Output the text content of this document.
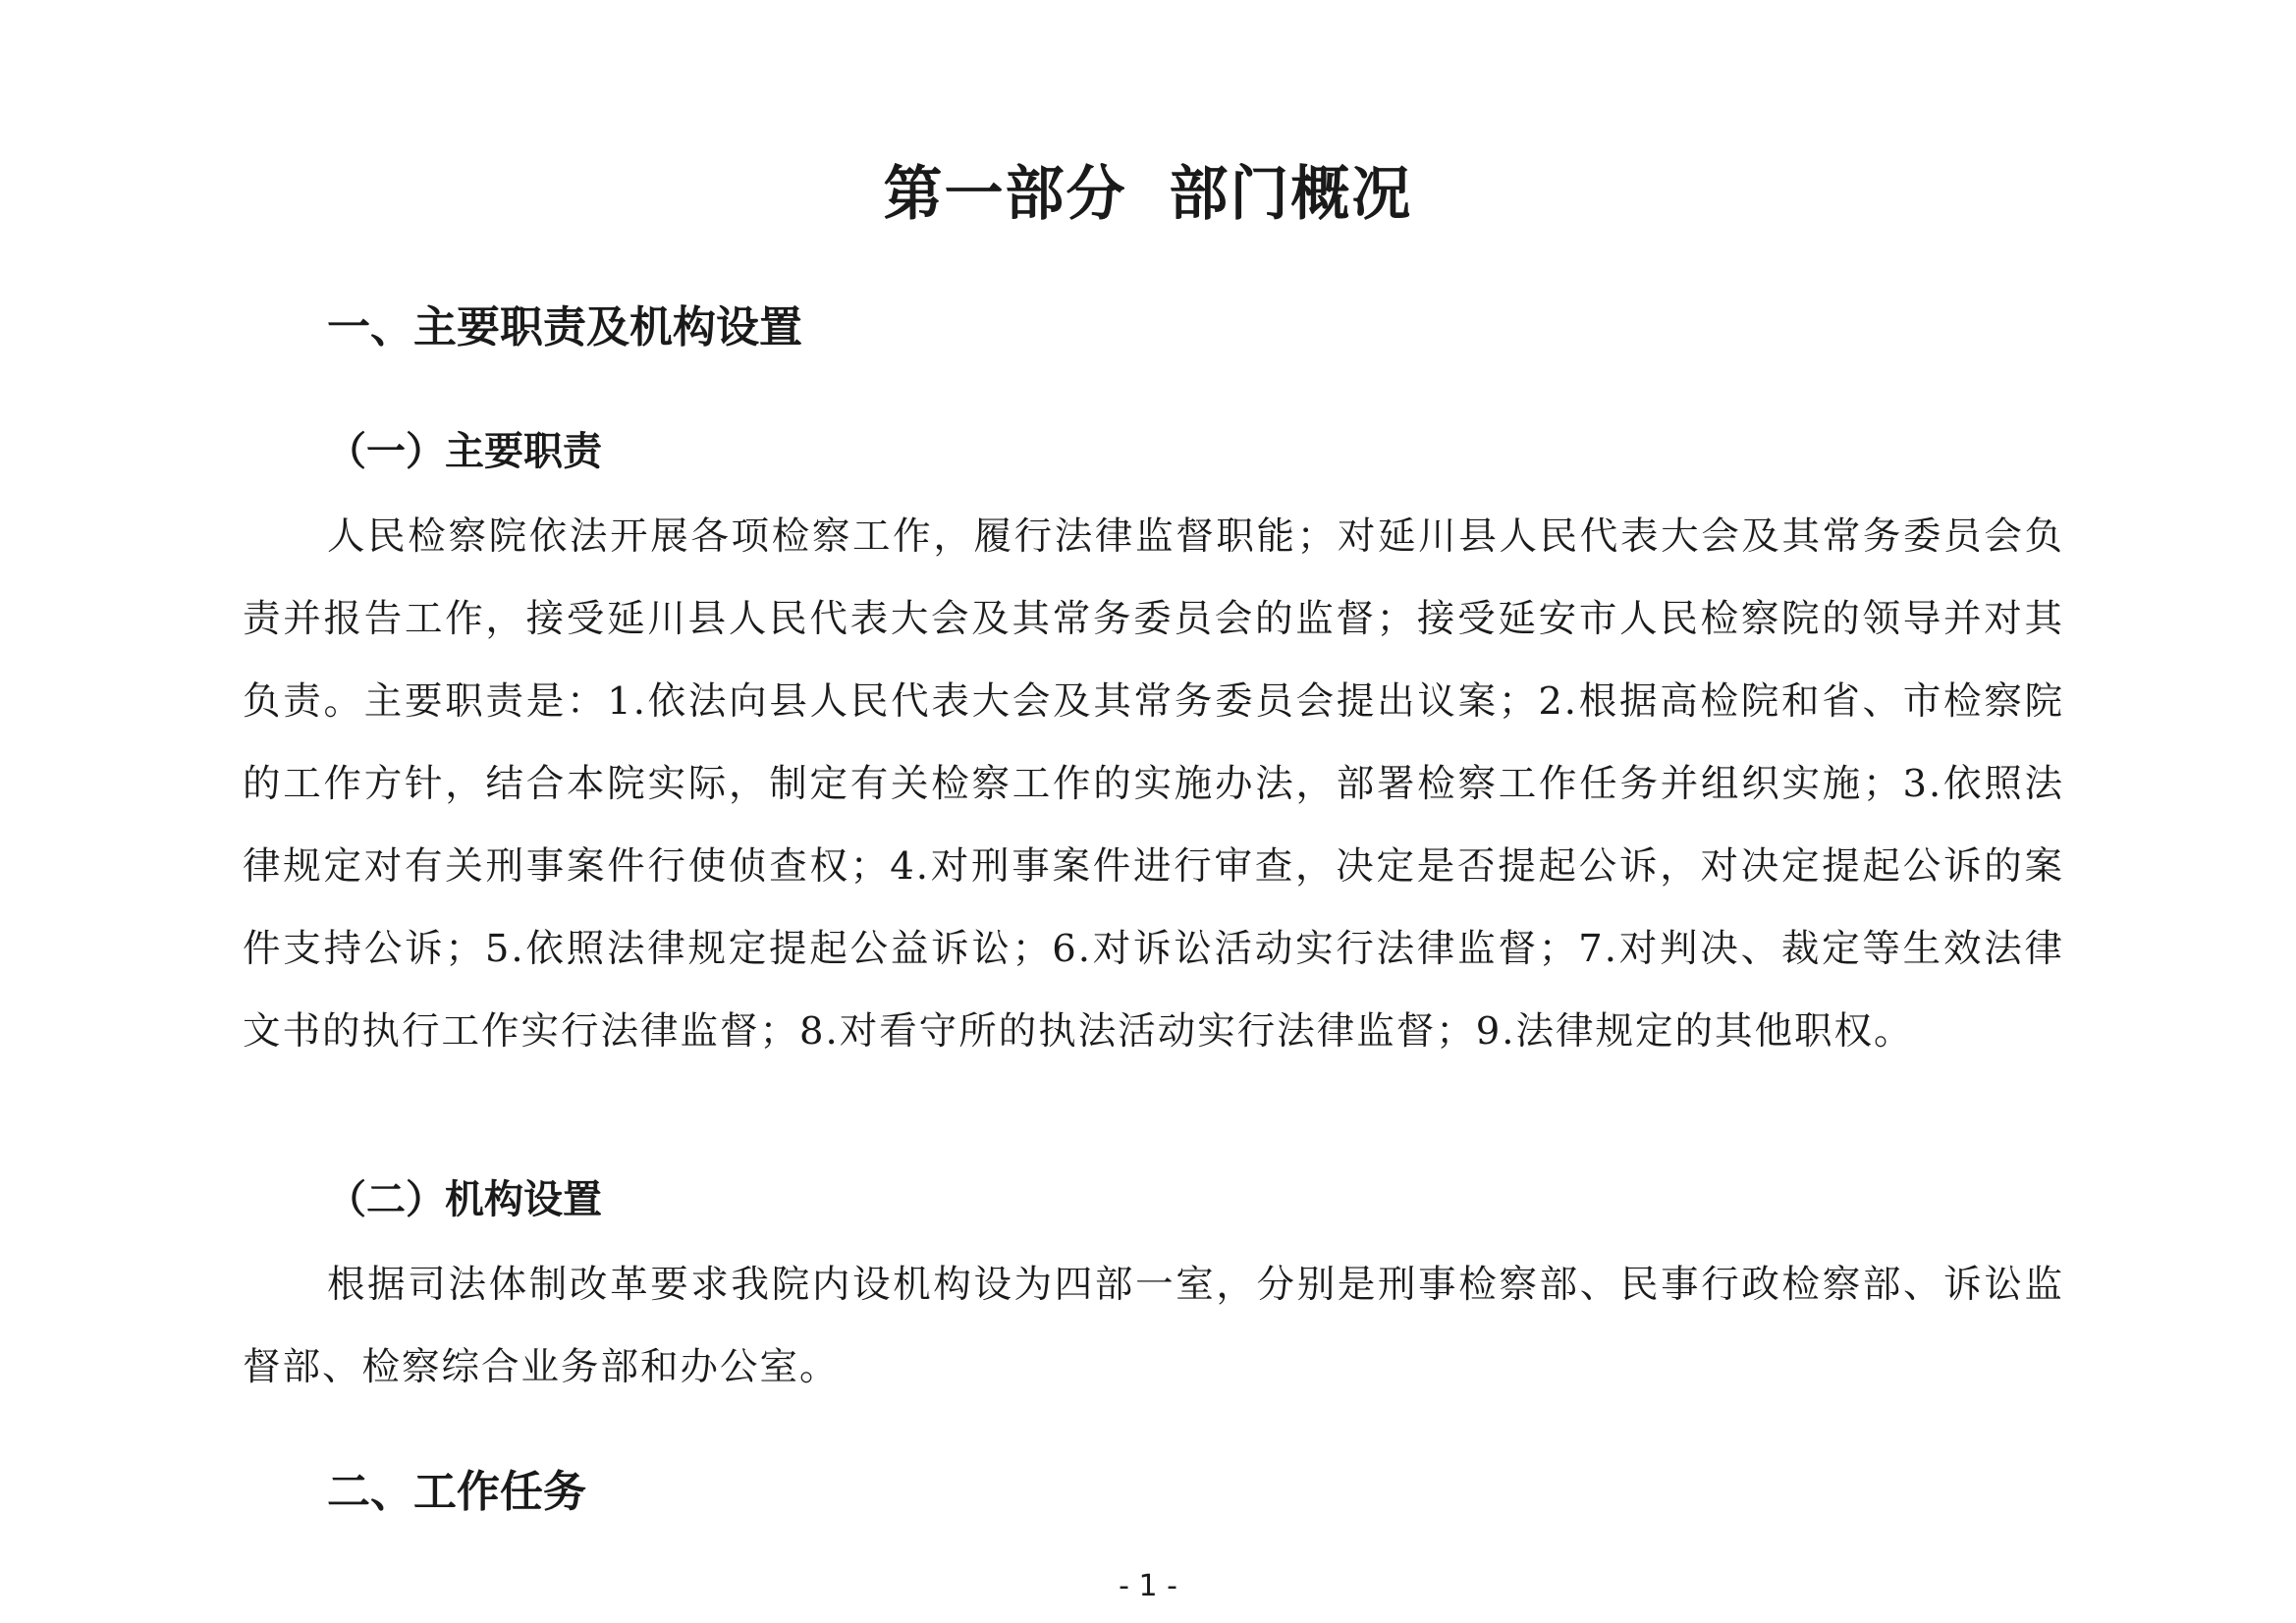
第一部分 部门概况
一、主要职责及机构设置
（一）主要职责
人民检察院依法开展各项检察工作，履行法律监督职能；对延川县人民代表大会及其常务委员会负责并报告工作，接受延川县人民代表大会及其常务委员会的监督；接受延安市人民检察院的领导并对其负责。主要职责是：1.依法向县人民代表大会及其常务委员会提出议案；2.根据高检院和省、市检察院的工作方针，结合本院实际，制定有关检察工作的实施办法，部署检察工作任务并组织实施；3.依照法律规定对有关刑事案件行使侦查权；4.对刑事案件进行审查，决定是否提起公诉，对决定提起公诉的案件支持公诉；5.依照法律规定提起公益诉讼；6.对诉讼活动实行法律监督；7.对判决、裁定等生效法律文书的执行工作实行法律监督；8.对看守所的执法活动实行法律监督；9.法律规定的其他职权。
（二）机构设置
根据司法体制改革要求我院内设机构设为四部一室，分别是刑事检察部、民事行政检察部、诉讼监督部、检察综合业务部和办公室。
二、工作任务
- 1 -
